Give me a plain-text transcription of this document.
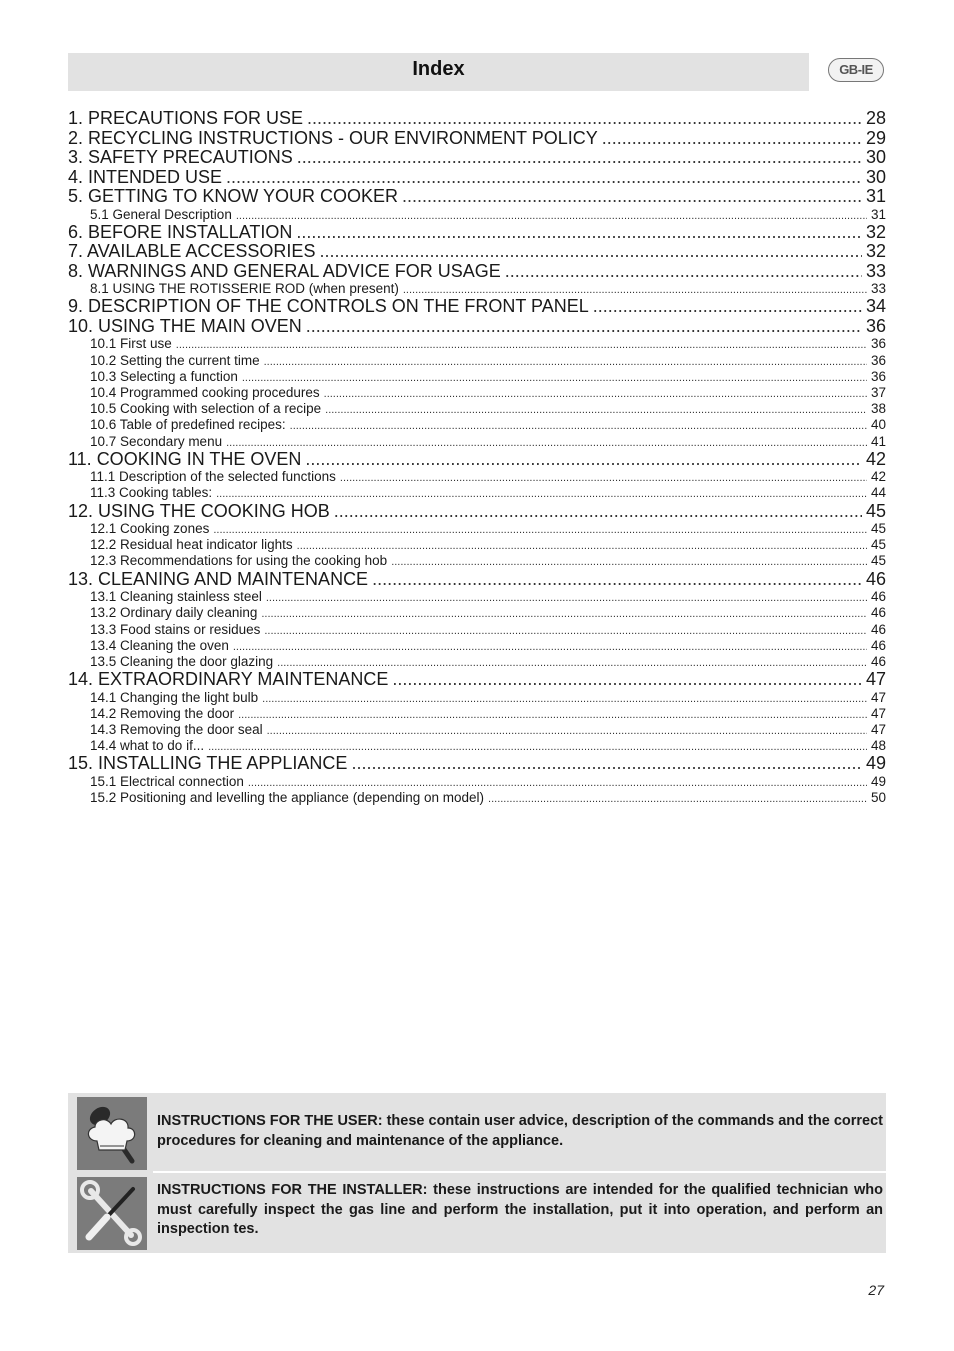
Index	GB-IE
1. PRECAUTIONS FOR USE .....	28
2. RECYCLING INSTRUCTIONS - OUR ENVIRONMENT POLICY .....	29
3. SAFETY PRECAUTIONS .....	30
4. INTENDED USE .....	30
5. GETTING TO KNOW YOUR COOKER .....	31
5.1 General Description .....	31
6. BEFORE INSTALLATION .....	32
7. AVAILABLE ACCESSORIES .....	32
8. WARNINGS AND GENERAL ADVICE FOR USAGE .....	33
8.1 USING THE ROTISSERIE ROD (when present) .....	33
9. DESCRIPTION OF THE CONTROLS ON THE FRONT PANEL .....	34
10. USING THE MAIN OVEN .....	36
10.1 First use .....	36
10.2 Setting the current time .....	36
10.3 Selecting a function .....	36
10.4 Programmed cooking procedures .....	37
10.5 Cooking with selection of a recipe .....	38
10.6 Table of predefined recipes: .....	40
10.7 Secondary menu .....	41
11. COOKING IN THE OVEN .....	42
11.1 Description of the selected functions .....	42
11.3 Cooking tables: .....	44
12. USING THE COOKING HOB .....	45
12.1 Cooking zones .....	45
12.2 Residual heat indicator lights .....	45
12.3 Recommendations for using the cooking hob .....	45
13. CLEANING AND MAINTENANCE .....	46
13.1 Cleaning stainless steel .....	46
13.2 Ordinary daily cleaning .....	46
13.3 Food stains or residues .....	46
13.4 Cleaning the oven .....	46
13.5 Cleaning the door glazing .....	46
14. EXTRAORDINARY MAINTENANCE .....	47
14.1 Changing the light bulb .....	47
14.2 Removing the door .....	47
14.3 Removing the door seal .....	47
14.4 what to do if... .....	48
15. INSTALLING THE APPLIANCE .....	49
15.1 Electrical connection .....	49
15.2 Positioning and levelling the appliance (depending on model) .....	50
INSTRUCTIONS FOR THE USER: these contain user advice, description of the commands and the correct procedures for cleaning and maintenance of the appliance.
INSTRUCTIONS FOR THE INSTALLER: these instructions are intended for the qualified technician who must carefully inspect the gas line and perform the installation, put it into operation, and perform an inspection tes.
27
